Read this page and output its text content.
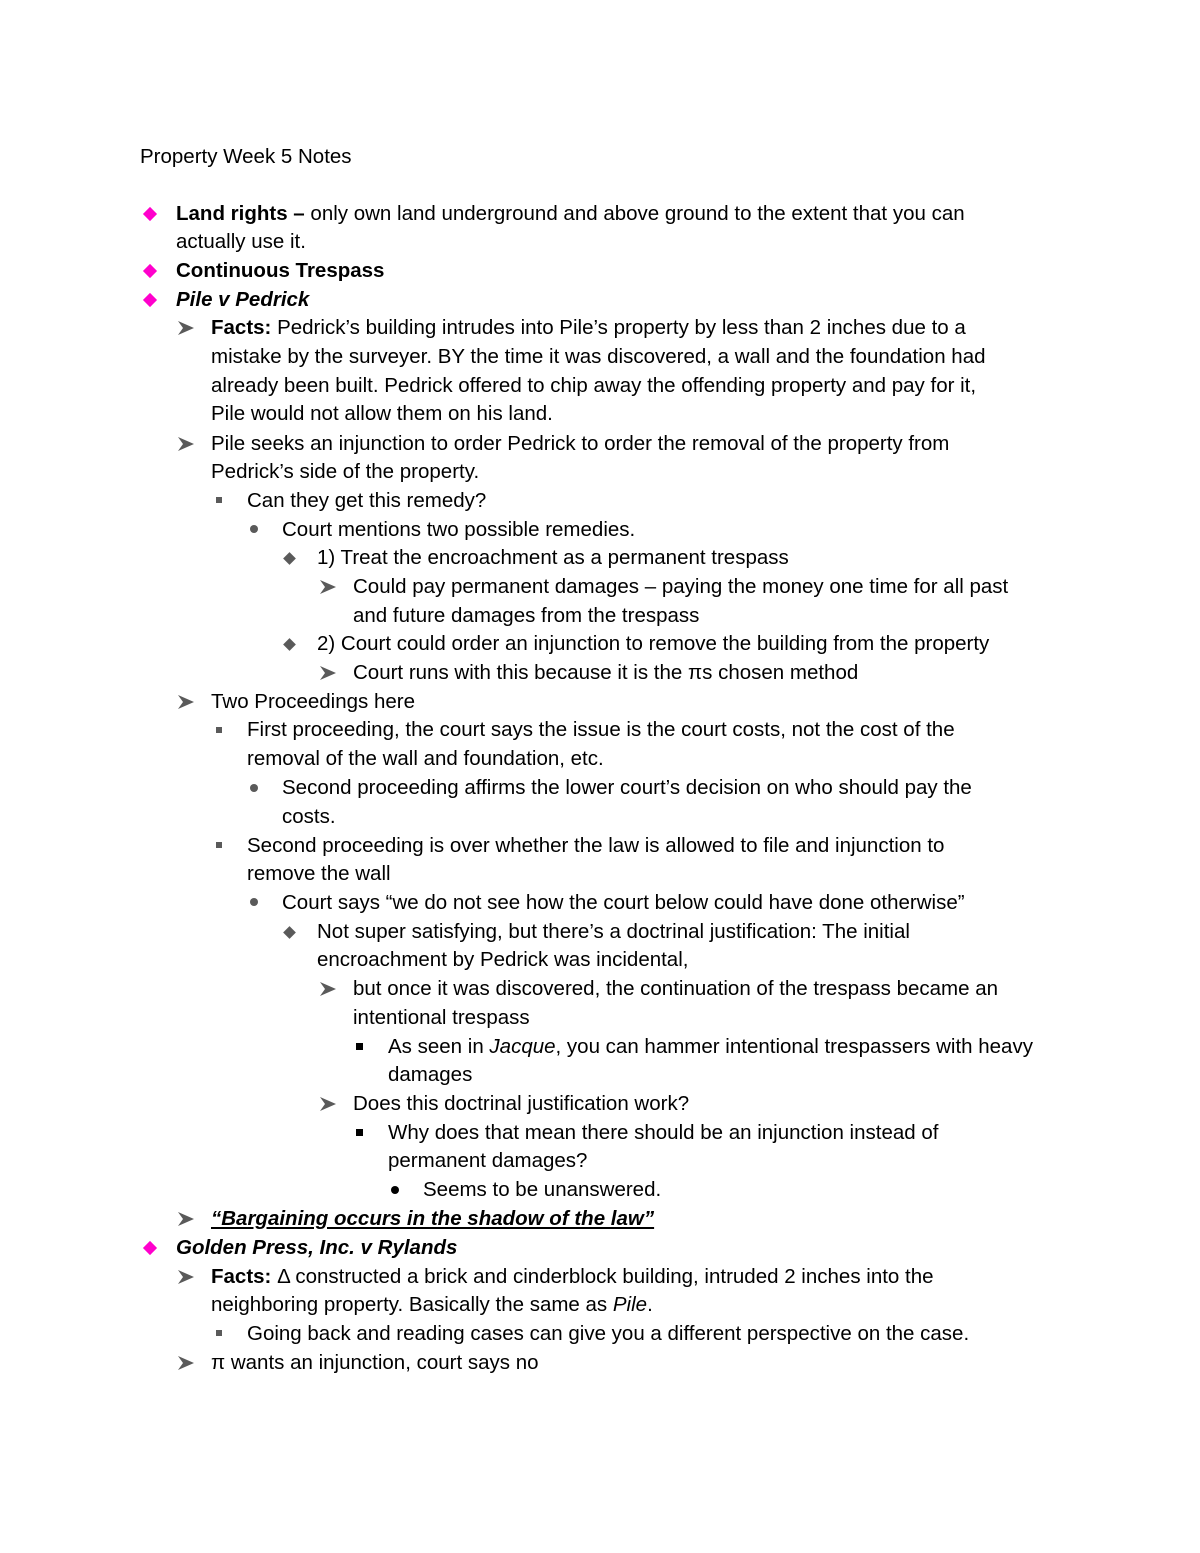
Property Week 5 Notes
Land rights – only own land underground and above ground to the extent that you can
actually use it.
Continuous Trespass
Pile v Pedrick
Facts: Pedrick’s building intrudes into Pile’s property by less than 2 inches due to a
mistake by the surveyer. BY the time it was discovered, a wall and the foundation had
already been built. Pedrick offered to chip away the offending property and pay for it,
Pile would not allow them on his land.
Pile seeks an injunction to order Pedrick to order the removal of the property from
Pedrick’s side of the property.
Can they get this remedy?
Court mentions two possible remedies.
1) Treat the encroachment as a permanent trespass
Could pay permanent damages – paying the money one time for all past
and future damages from the trespass
2) Court could order an injunction to remove the building from the property
Court runs with this because it is the πs chosen method
Two Proceedings here
First proceeding, the court says the issue is the court costs, not the cost of the
removal of the wall and foundation, etc.
Second proceeding affirms the lower court’s decision on who should pay the
costs.
Second proceeding is over whether the law is allowed to file and injunction to
remove the wall
Court says “we do not see how the court below could have done otherwise”
Not super satisfying, but there’s a doctrinal justification: The initial
encroachment by Pedrick was incidental,
but once it was discovered, the continuation of the trespass became an
intentional trespass
As seen in Jacque, you can hammer intentional trespassers with heavy
damages
Does this doctrinal justification work?
Why does that mean there should be an injunction instead of
permanent damages?
Seems to be unanswered.
“Bargaining occurs in the shadow of the law”
Golden Press, Inc. v Rylands
Facts: Δ constructed a brick and cinderblock building, intruded 2 inches into the
neighboring property. Basically the same as Pile.
Going back and reading cases can give you a different perspective on the case.
π wants an injunction, court says no
